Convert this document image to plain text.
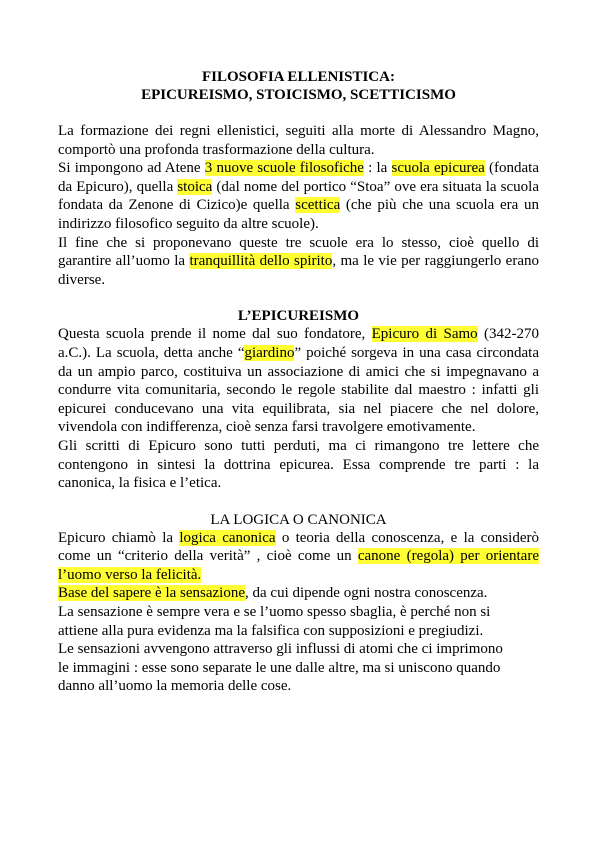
FILOSOFIA ELLENISTICA:
EPICUREISMO, STOICISMO, SCETTICISMO

La formazione dei regni ellenistici, seguiti alla morte di Alessandro Magno, comportò una profonda trasformazione della cultura.

Si impongono ad Atene 3 nuove scuole filosofiche : la scuola epicurea (fondata da Epicuro), quella stoica (dal nome del portico “Stoa” ove era situata la scuola fondata da Zenone di Cizico)e quella scettica (che più che una scuola era un indirizzo filosofico seguito da altre scuole).

Il fine che si proponevano queste tre scuole era lo stesso, cioè quello di garantire all’uomo la tranquillità dello spirito, ma le vie per raggiungerlo erano diverse.

L’EPICUREISMO

Questa scuola prende il nome dal suo fondatore, Epicuro di Samo (342-270 a.C.). La scuola, detta anche “giardino” poiché sorgeva in una casa circondata da un ampio parco, costituiva un associazione di amici che si impegnavano a condurre vita comunitaria, secondo le regole stabilite dal maestro : infatti gli epicurei conducevano una vita equilibrata, sia nel piacere che nel dolore, vivendola con indifferenza, cioè senza farsi travolgere emotivamente.

Gli scritti di Epicuro sono tutti perduti, ma ci rimangono tre lettere che contengono in sintesi la dottrina epicurea. Essa comprende tre parti : la canonica, la fisica e l’etica.

LA LOGICA O CANONICA

Epicuro chiamò la logica canonica o teoria della conoscenza, e la considerò come un “criterio della verità” , cioè come un canone (regola) per orientare l’uomo verso la felicità.

Base del sapere è la sensazione, da cui dipende ogni nostra conoscenza.

La sensazione è sempre vera e se l’uomo spesso sbaglia, è perché non si
attiene alla pura evidenza ma la falsifica con supposizioni e pregiudizi.

Le sensazioni avvengono attraverso gli influssi di atomi che ci imprimono
le immagini : esse sono separate le une dalle altre, ma si uniscono quando
danno all’uomo la memoria delle cose.
